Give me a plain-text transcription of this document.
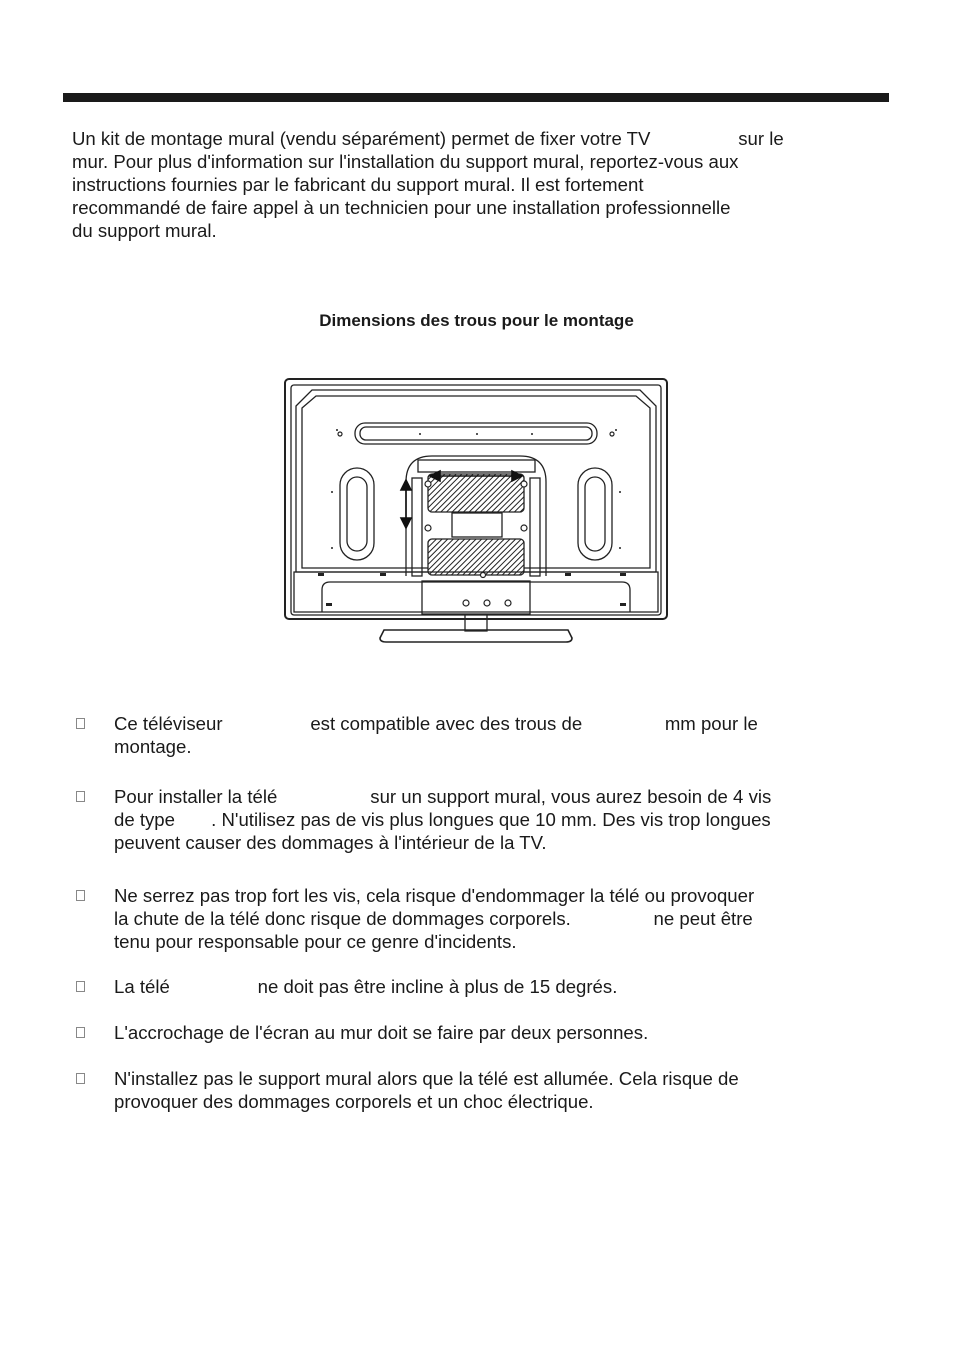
Un kit de montage mural (vendu séparément) permet de fixer votre TV                 sur le
mur. Pour plus d'information sur l'installation du support mural, reportez-vous aux
instructions fournies par le fabricant du support mural. Il est fortement
recommandé de faire appel à un technicien pour une installation professionnelle
du support mural.

Dimensions des trous pour le montage

Ce téléviseur                 est compatible avec des trous de                mm pour le
montage.
Pour installer la télé                  sur un support mural, vous aurez besoin de 4 vis
de type       . N'utilisez pas de vis plus longues que 10 mm. Des vis trop longues
peuvent causer des dommages à l'intérieur de la TV.
Ne serrez pas trop fort les vis, cela risque d'endommager la télé ou provoquer
la chute de la télé donc risque de dommages corporels.                ne peut être
tenu pour responsable pour ce genre d'incidents.
La télé                 ne doit pas être incline à plus de 15 degrés.
L'accrochage de l'écran au mur doit se faire par deux personnes.
N'installez pas le support mural alors que la télé est allumée. Cela risque de
provoquer des dommages corporels et un choc électrique.
